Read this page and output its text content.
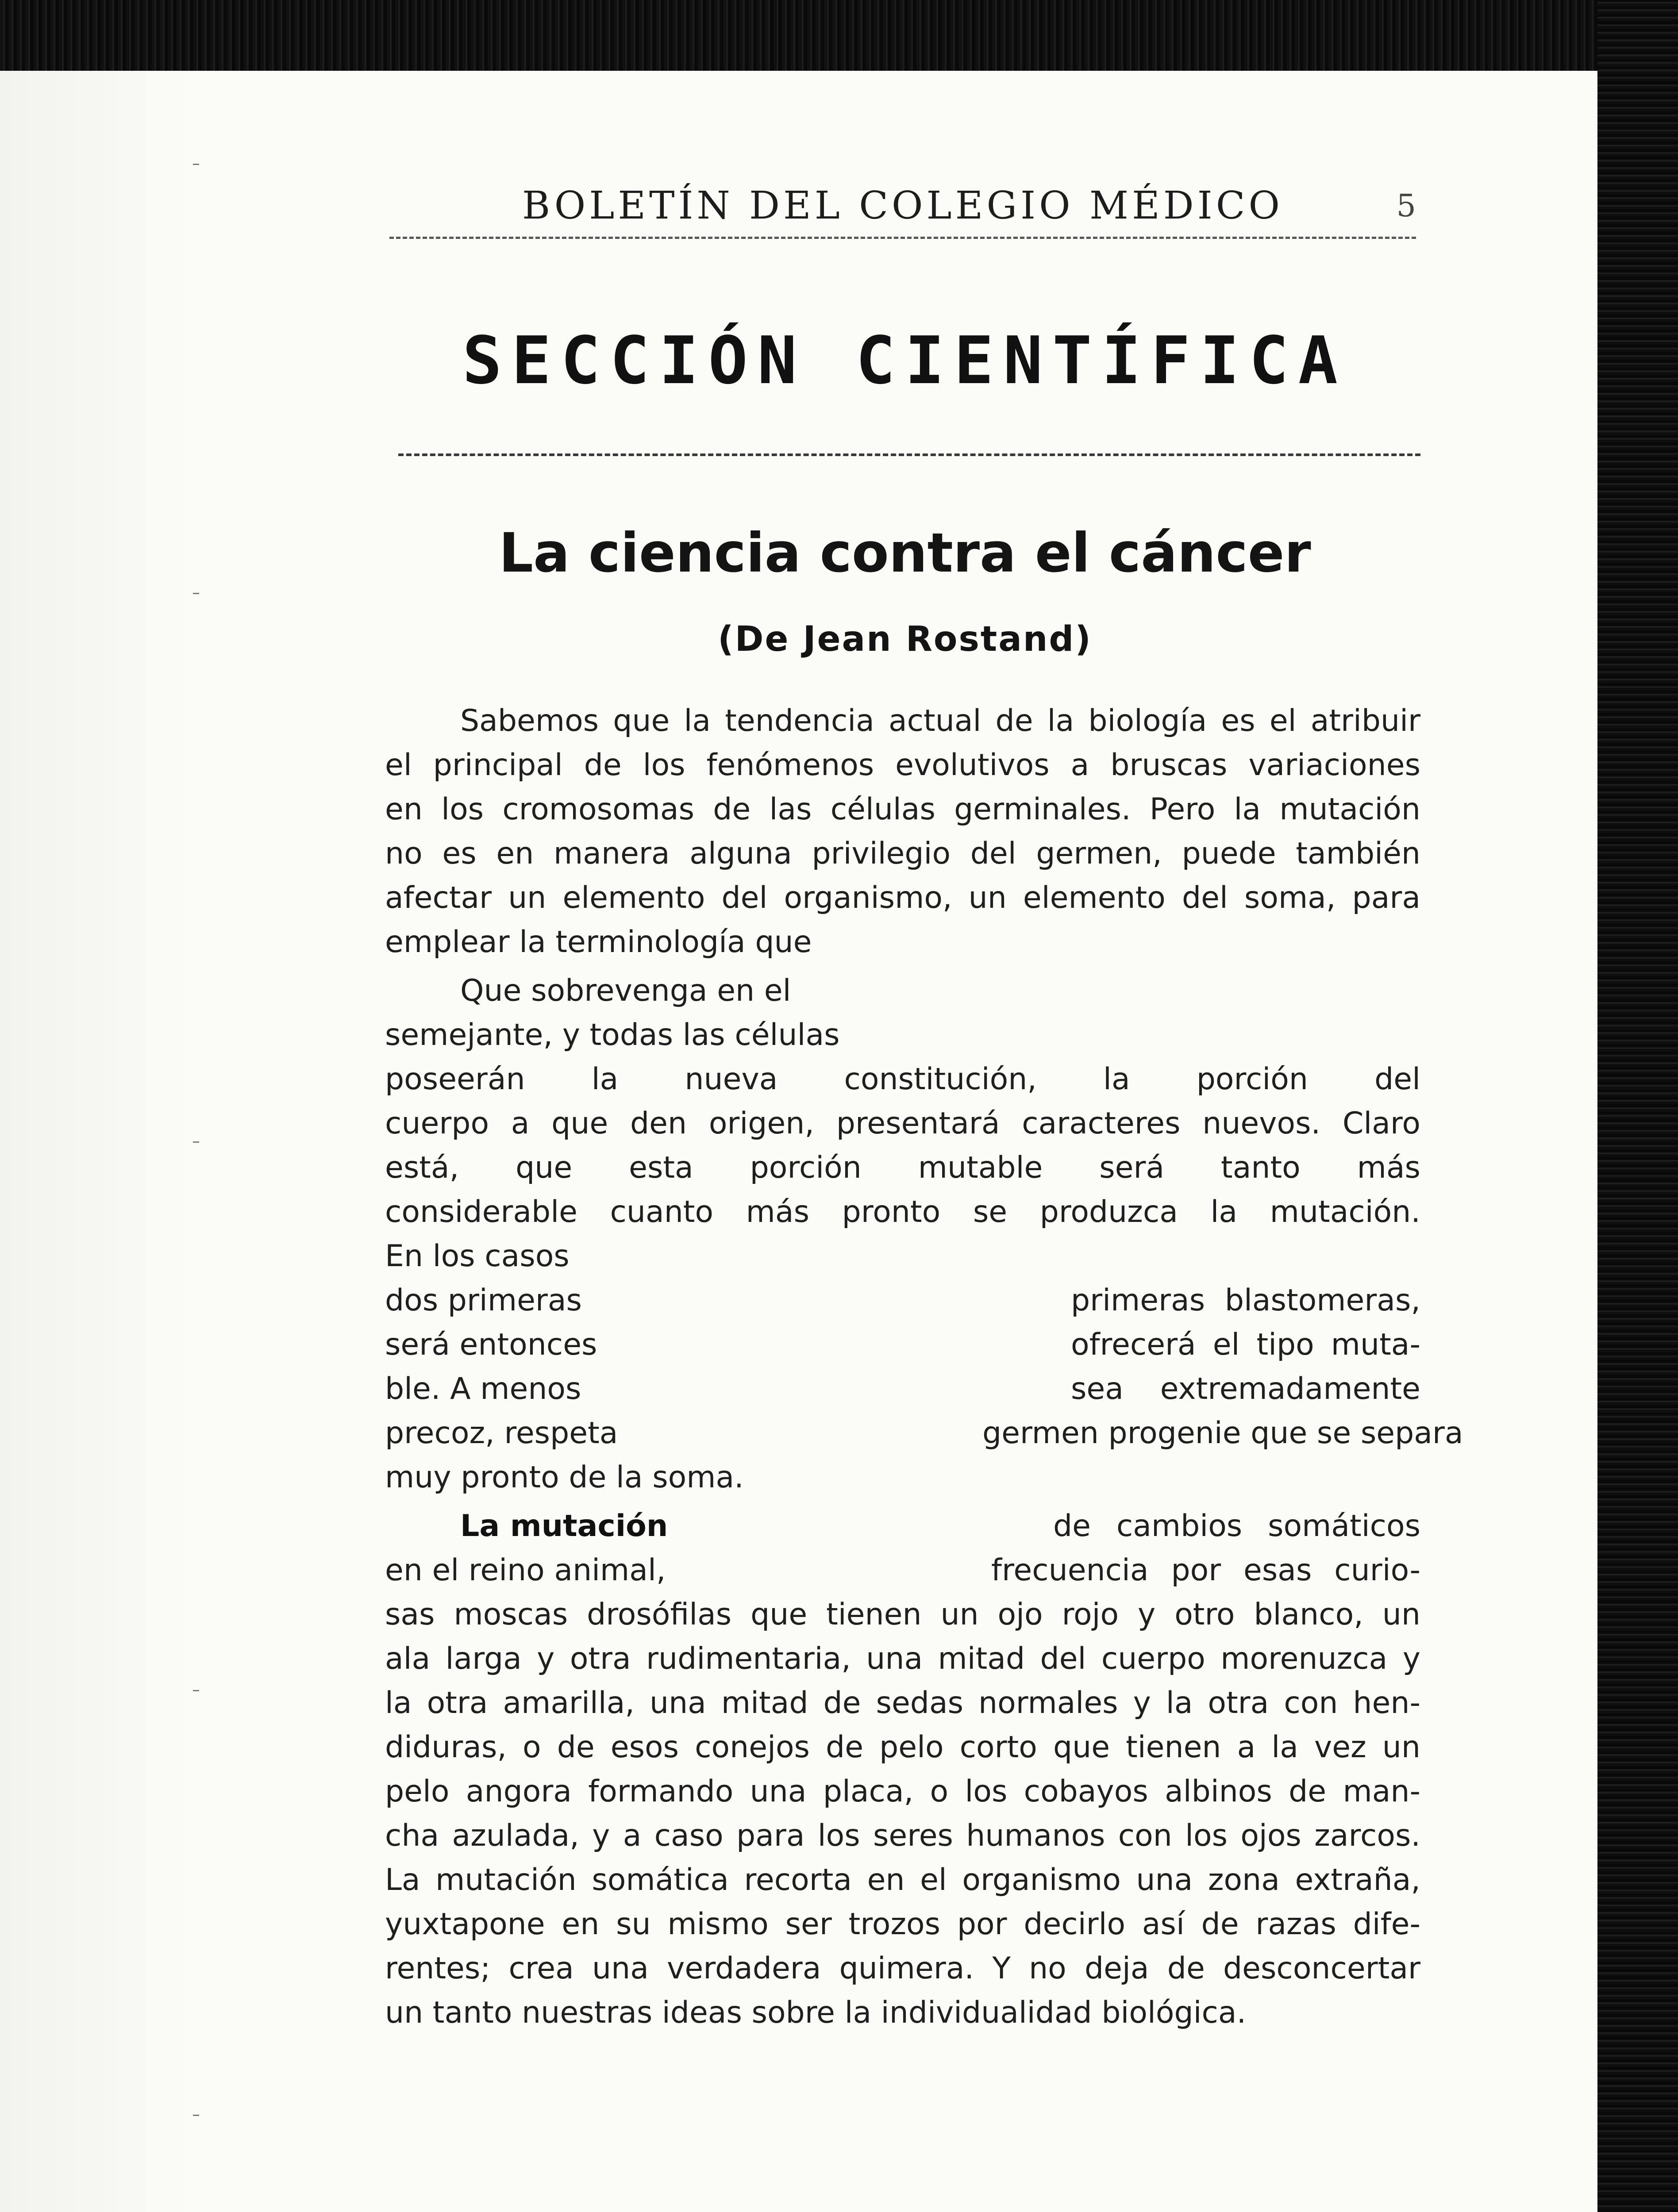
BOLETÍN DEL COLEGIO MÉDICO	5
SECCIÓN CIENTÍFICA
La ciencia contra el cáncer
(De Jean Rostand)
Sabemos que la tendencia actual de la biología es el atribuir
el principal de los fenómenos evolutivos a bruscas variaciones
en los cromosomas de las células germinales. Pero la mutación
no es en manera alguna privilegio del germen, puede también
afectar un elemento del organismo, un elemento del soma, para
emplear la terminología que
Que sobrevenga en el
semejante, y todas las células
poseerán la nueva constitución, la porción del
cuerpo a que den origen, presentará caracteres nuevos. Claro
está, que esta porción mutable será tanto más
considerable cuanto más pronto se produzca la mutación.
En los casos
dos primeras	primeras blastomeras,
será entonces	ofrecerá el tipo muta-
ble. A menos	sea extremadamente
precoz, respeta	germen progenie que se separa
muy pronto de la soma.
La mutación	de cambios somáticos
en el reino animal,	frecuencia por esas curio-
sas moscas drosófilas que tienen un ojo rojo y otro blanco, un
ala larga y otra rudimentaria, una mitad del cuerpo morenuzca y
la otra amarilla, una mitad de sedas normales y la otra con hen-
diduras, o de esos conejos de pelo corto que tienen a la vez un
pelo angora formando una placa, o los cobayos albinos de man-
cha azulada, y a caso para los seres humanos con los ojos zarcos.
La mutación somática recorta en el organismo una zona extraña,
yuxtapone en su mismo ser trozos por decirlo así de razas dife-
rentes; crea una verdadera quimera. Y no deja de desconcertar
un tanto nuestras ideas sobre la individualidad biológica.
